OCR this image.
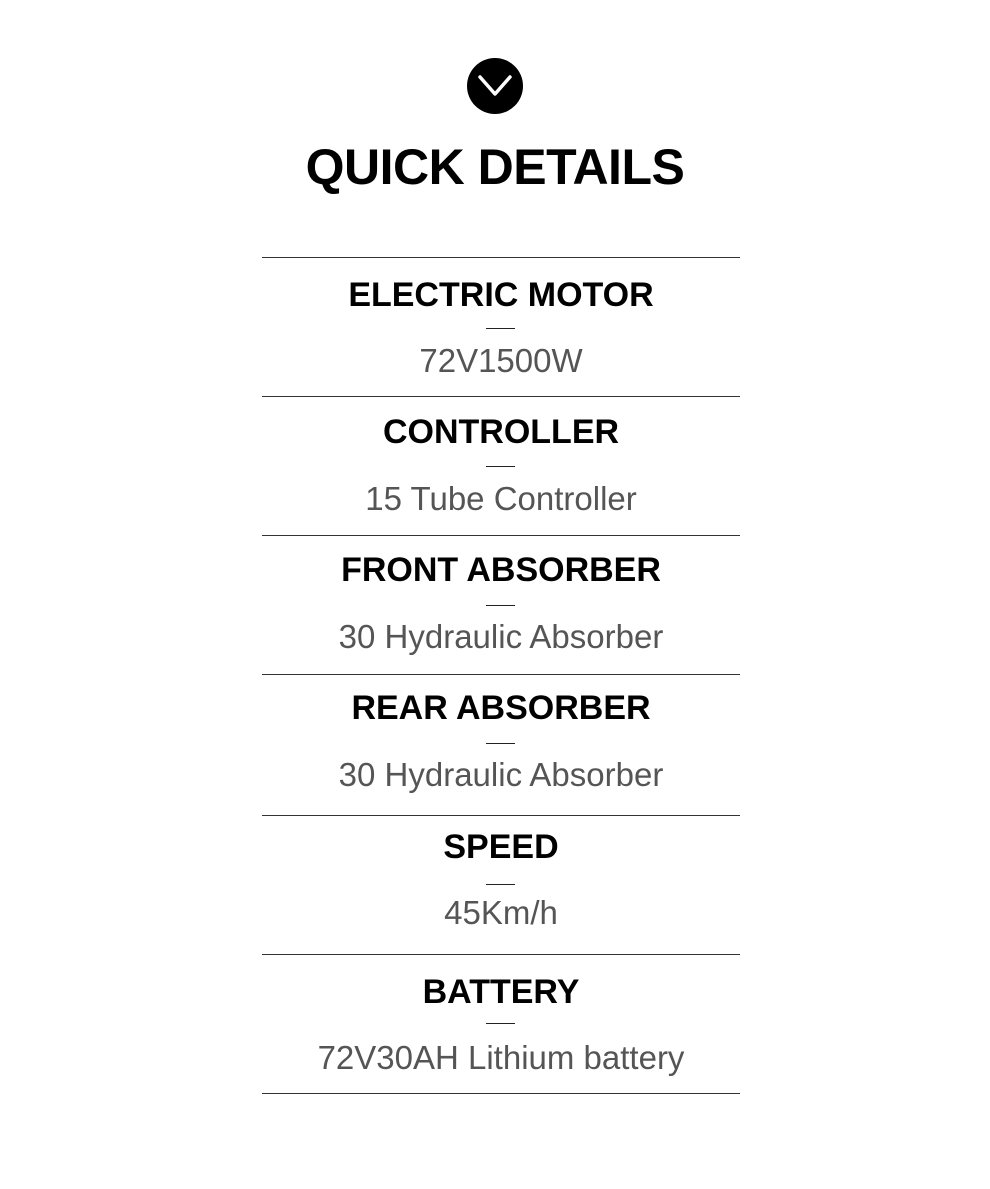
QUICK DETAILS
ELECTRIC MOTOR
72V1500W
CONTROLLER
15 Tube Controller
FRONT ABSORBER
30 Hydraulic Absorber
REAR ABSORBER
30 Hydraulic Absorber
SPEED
45Km/h
BATTERY
72V30AH Lithium battery
